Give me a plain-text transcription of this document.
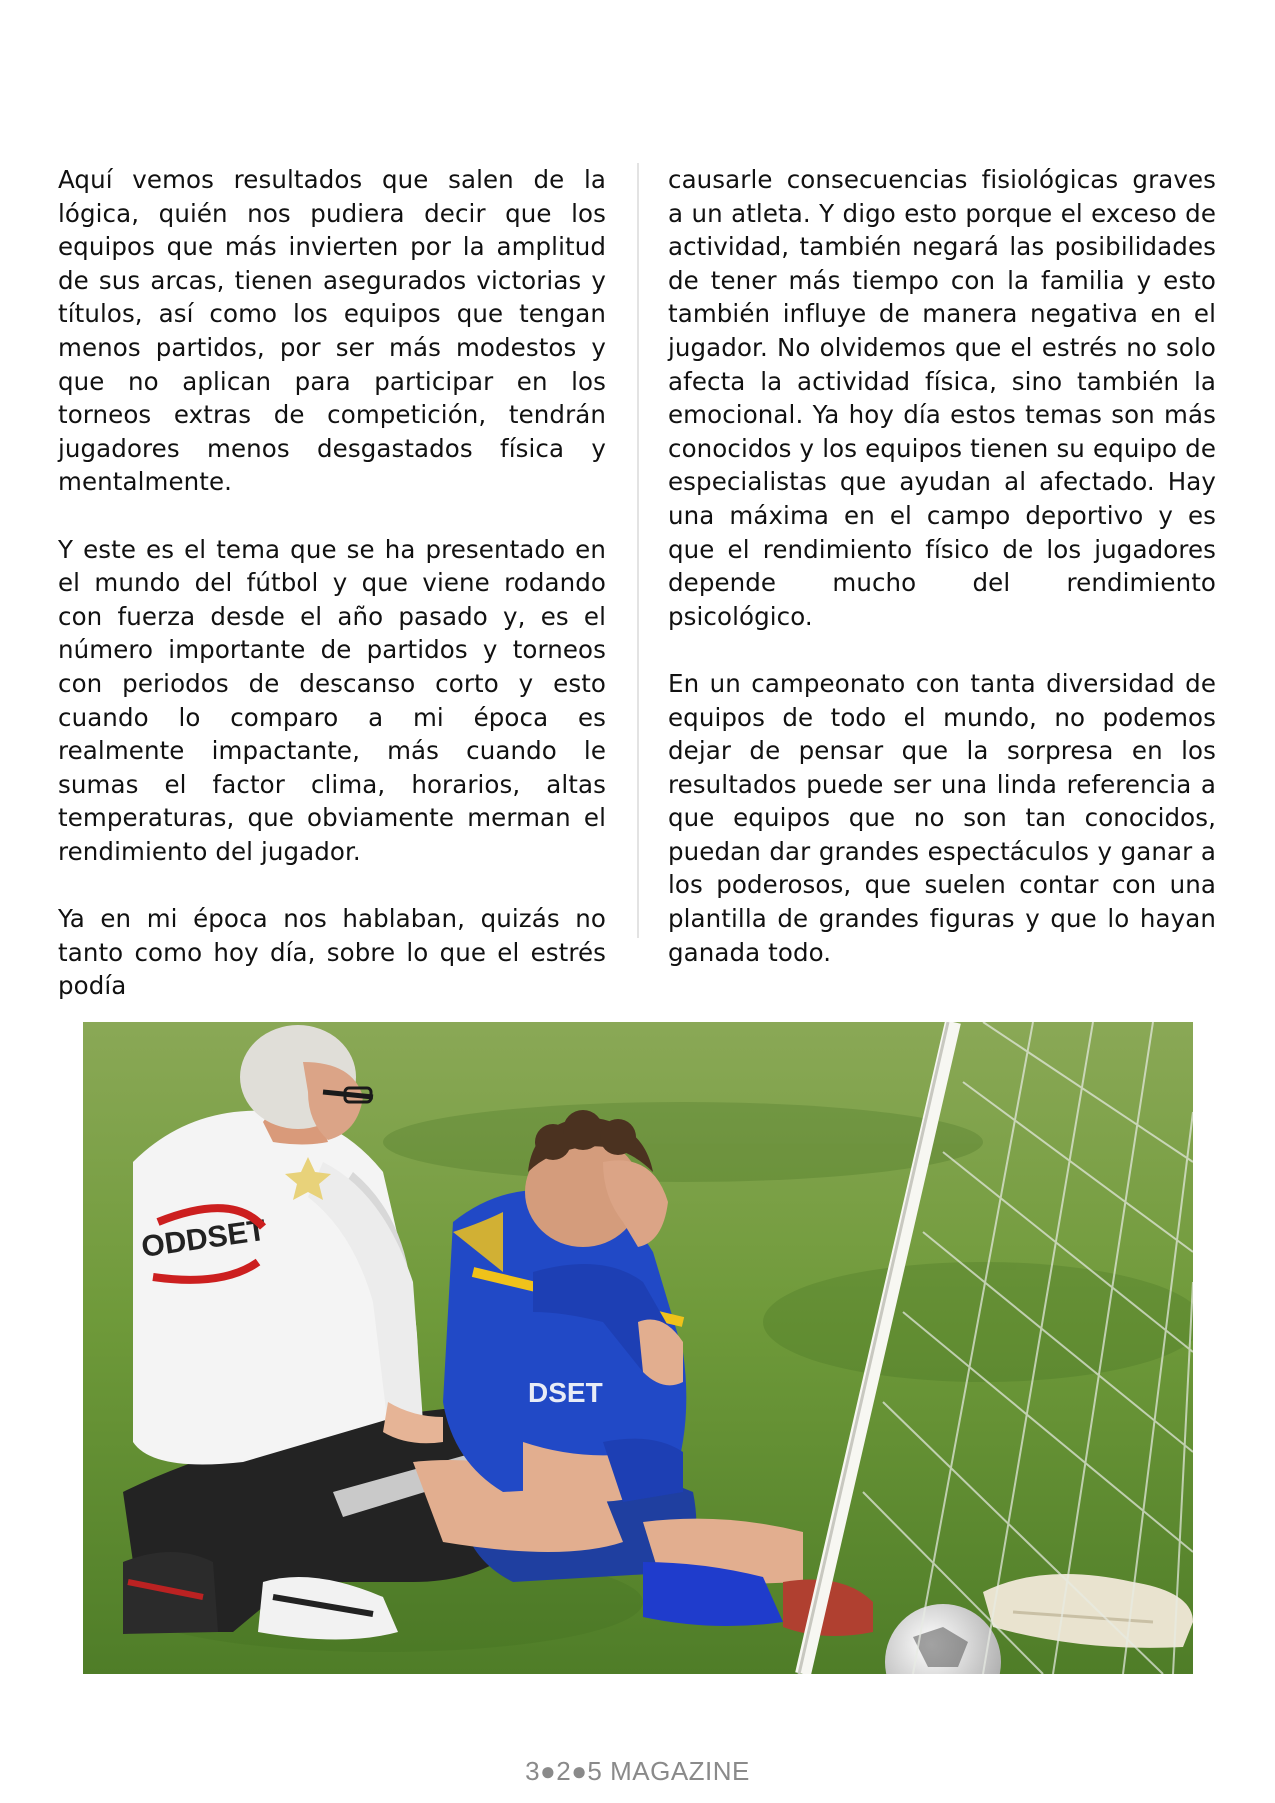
Aquí vemos resultados que salen de la lógica, quién nos pudiera decir que los equipos que más invierten por la amplitud de sus arcas, tienen asegurados victorias y títulos, así como los equipos que tengan menos partidos, por ser más modestos y que no aplican para participar en los torneos extras de competición, tendrán jugadores menos desgastados física y mentalmente.

Y este es el tema que se ha presentado en el mundo del fútbol y que viene rodando con fuerza desde el año pasado y, es el número importante de partidos y torneos con periodos de descanso corto y esto cuando lo comparo a mi época es realmente impactante, más cuando le sumas el factor clima, horarios, altas temperaturas, que obviamente merman el rendimiento del jugador.

Ya en mi época nos hablaban, quizás no tanto como hoy día, sobre lo que el estrés podía

causarle consecuencias fisiológicas graves a un atleta. Y digo esto porque el exceso de actividad, también negará las posibilidades de tener más tiempo con la familia y esto también influye de manera negativa en el jugador. No olvidemos que el estrés no solo afecta la actividad física, sino también la emocional. Ya hoy día estos temas son más conocidos y los equipos tienen su equipo de especialistas que ayudan al afectado. Hay una máxima en el campo deportivo y es que el rendimiento físico de los jugadores depende mucho del rendimiento psicológico.

En un campeonato con tanta diversidad de equipos de todo el mundo, no podemos dejar de pensar que la sorpresa en los resultados puede ser una linda referencia a que equipos que no son tan conocidos, puedan dar grandes espectáculos y ganar a los poderosos, que suelen contar con una plantilla de grandes figuras y que lo hayan ganada todo.

ODDSET
DSET
3●2●5 MAGAZINE
